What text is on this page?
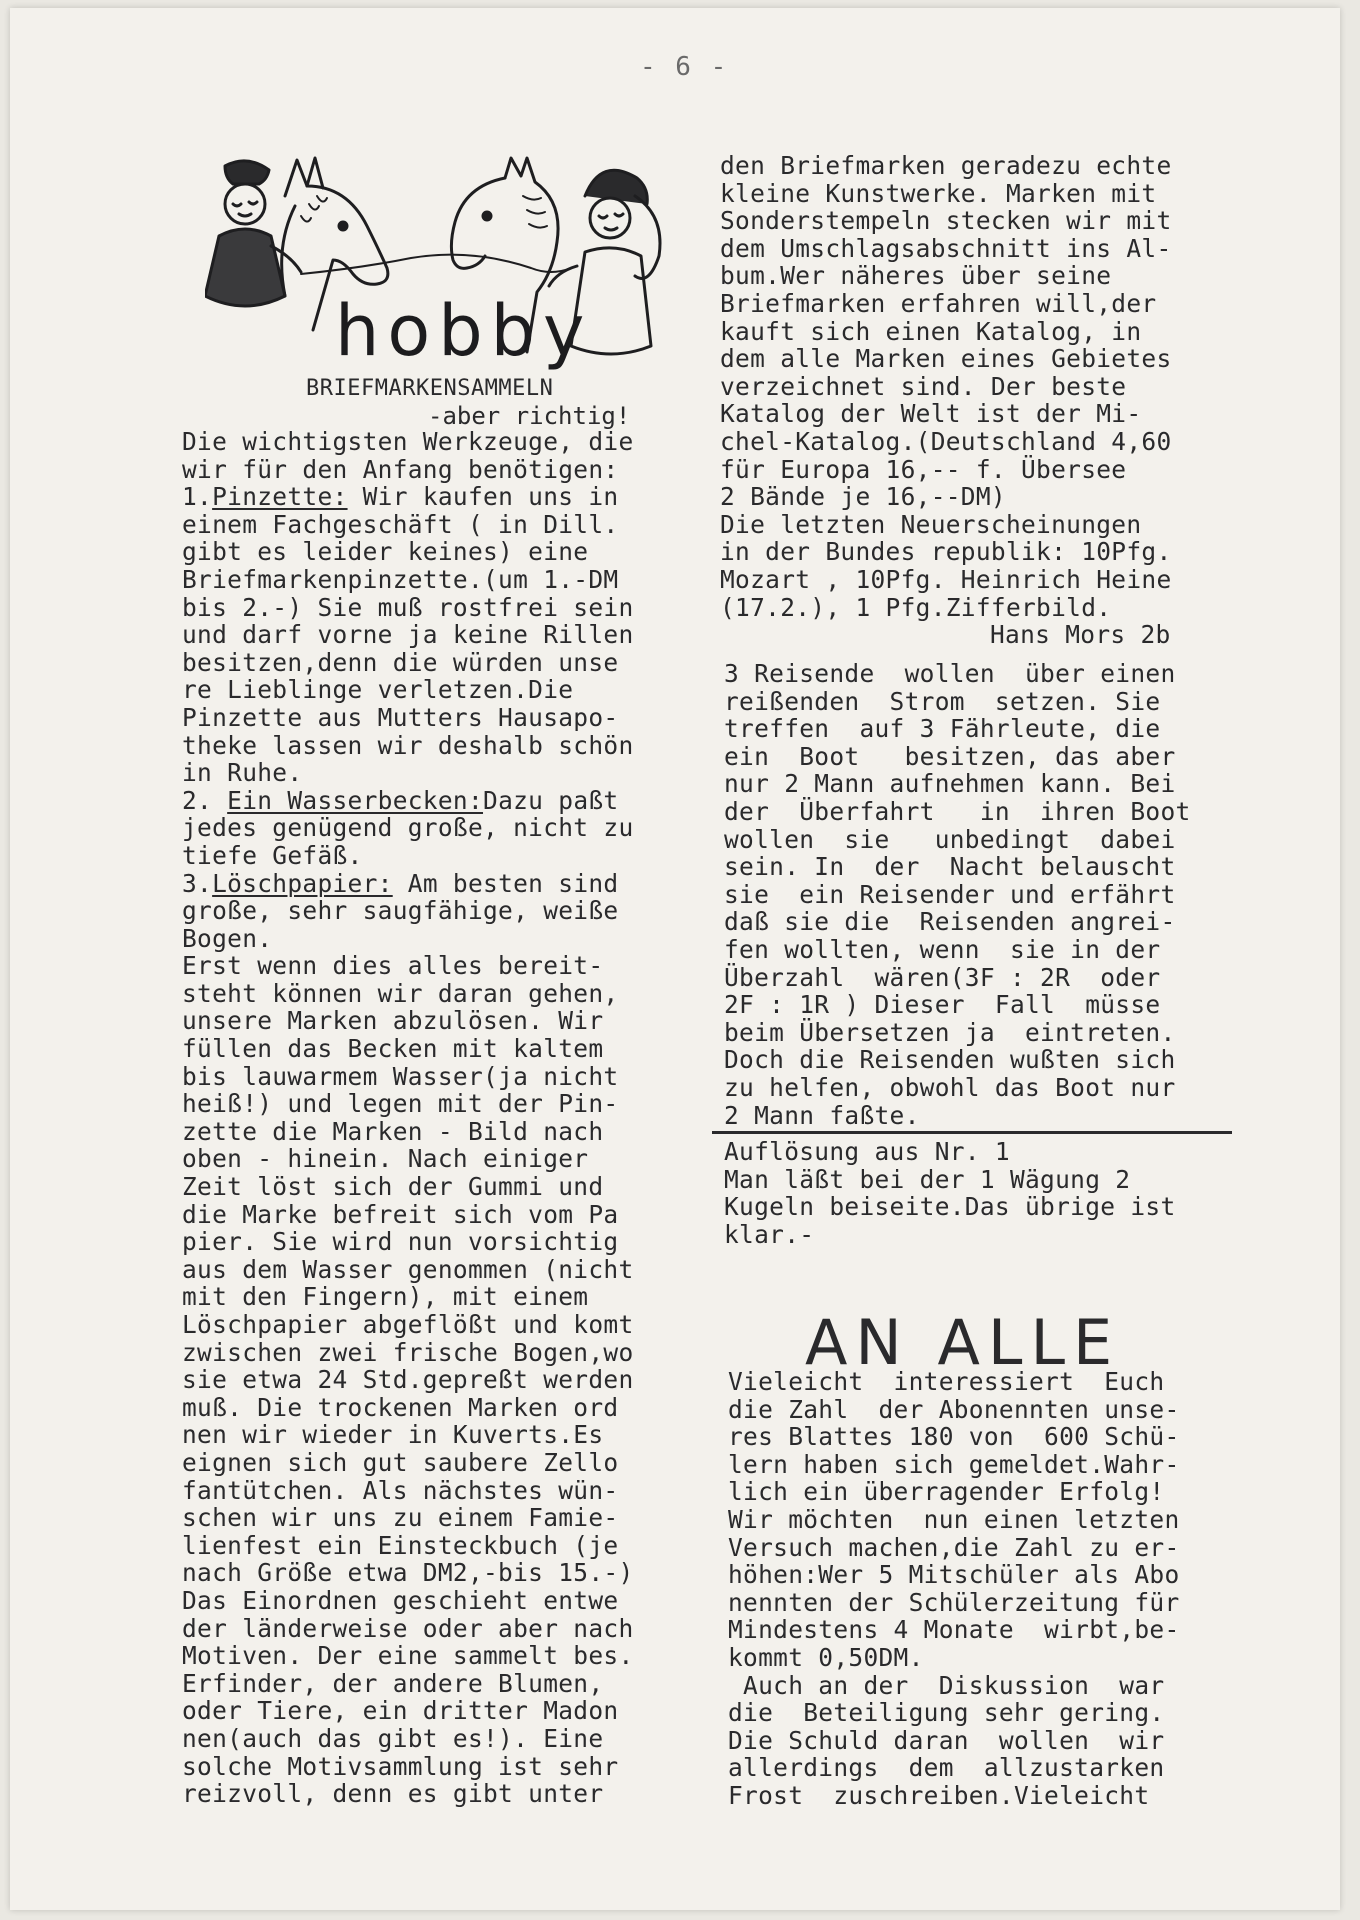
- 6 -
hobby
BRIEFMARKENSAMMELN
-aber richtig!
Die wichtigsten Werkzeuge, die
wir für den Anfang benötigen:
1.Pinzette: Wir kaufen uns in
einem Fachgeschäft ( in Dill.
gibt es leider keines) eine
Briefmarkenpinzette.(um 1.-DM
bis 2.-) Sie muß rostfrei sein
und darf vorne ja keine Rillen
besitzen,denn die würden unse
re Lieblinge verletzen.Die
Pinzette aus Mutters Hausapo-
theke lassen wir deshalb schön
in Ruhe.
2. Ein Wasserbecken:Dazu paßt
jedes genügend große, nicht zu
tiefe Gefäß.
3.Löschpapier: Am besten sind
große, sehr saugfähige, weiße
Bogen.
Erst wenn dies alles bereit-
steht können wir daran gehen,
unsere Marken abzulösen. Wir
füllen das Becken mit kaltem
bis lauwarmem Wasser(ja nicht
heiß!) und legen mit der Pin-
zette die Marken - Bild nach
oben - hinein. Nach einiger
Zeit löst sich der Gummi und
die Marke befreit sich vom Pa
pier. Sie wird nun vorsichtig
aus dem Wasser genommen (nicht
mit den Fingern), mit einem
Löschpapier abgeflößt und komt
zwischen zwei frische Bogen,wo
sie etwa 24 Std.gepreßt werden
muß. Die trockenen Marken ord
nen wir wieder in Kuverts.Es
eignen sich gut saubere Zello
fantütchen. Als nächstes wün-
schen wir uns zu einem Famie-
lienfest ein Einsteckbuch (je
nach Größe etwa DM2,-bis 15.-)
Das Einordnen geschieht entwe
der länderweise oder aber nach
Motiven. Der eine sammelt bes.
Erfinder, der andere Blumen,
oder Tiere, ein dritter Madon
nen(auch das gibt es!). Eine
solche Motivsammlung ist sehr
reizvoll, denn es gibt unter
den Briefmarken geradezu echte
kleine Kunstwerke. Marken mit
Sonderstempeln stecken wir mit
dem Umschlagsabschnitt ins Al-
bum.Wer näheres über seine
Briefmarken erfahren will,der
kauft sich einen Katalog, in
dem alle Marken eines Gebietes
verzeichnet sind. Der beste
Katalog der Welt ist der Mi-
chel-Katalog.(Deutschland 4,60
für Europa 16,-- f. Übersee
2 Bände je 16,--DM)
Die letzten Neuerscheinungen
in der Bundes republik: 10Pfg.
Mozart , 10Pfg. Heinrich Heine
(17.2.), 1 Pfg.Zifferbild.
Hans Mors 2b
3 Reisende  wollen  über einen
reißenden  Strom  setzen. Sie
treffen  auf 3 Fährleute, die
ein  Boot   besitzen, das aber
nur 2 Mann aufnehmen kann. Bei
der  Überfahrt   in  ihren Boot
wollen  sie   unbedingt  dabei
sein. In  der  Nacht belauscht
sie  ein Reisender und erfährt
daß sie die  Reisenden angrei-
fen wollten, wenn  sie in der
Überzahl  wären(3F : 2R  oder
2F : 1R ) Dieser  Fall  müsse
beim Übersetzen ja  eintreten.
Doch die Reisenden wußten sich
zu helfen, obwohl das Boot nur
2 Mann faßte.
Auflösung aus Nr. 1
Man läßt bei der 1 Wägung 2
Kugeln beiseite.Das übrige ist
klar.-
AN ALLE
Vieleicht  interessiert  Euch
die Zahl  der Abonennten unse-
res Blattes 180 von  600 Schü-
lern haben sich gemeldet.Wahr-
lich ein überragender Erfolg!
Wir möchten  nun einen letzten
Versuch machen,die Zahl zu er-
höhen:Wer 5 Mitschüler als Abo
nennten der Schülerzeitung für
Mindestens 4 Monate  wirbt,be-
kommt 0,50DM.
Auch an der  Diskussion  war
die  Beteiligung sehr gering.
Die Schuld daran  wollen  wir
allerdings  dem  allzustarken
Frost  zuschreiben.Vieleicht
